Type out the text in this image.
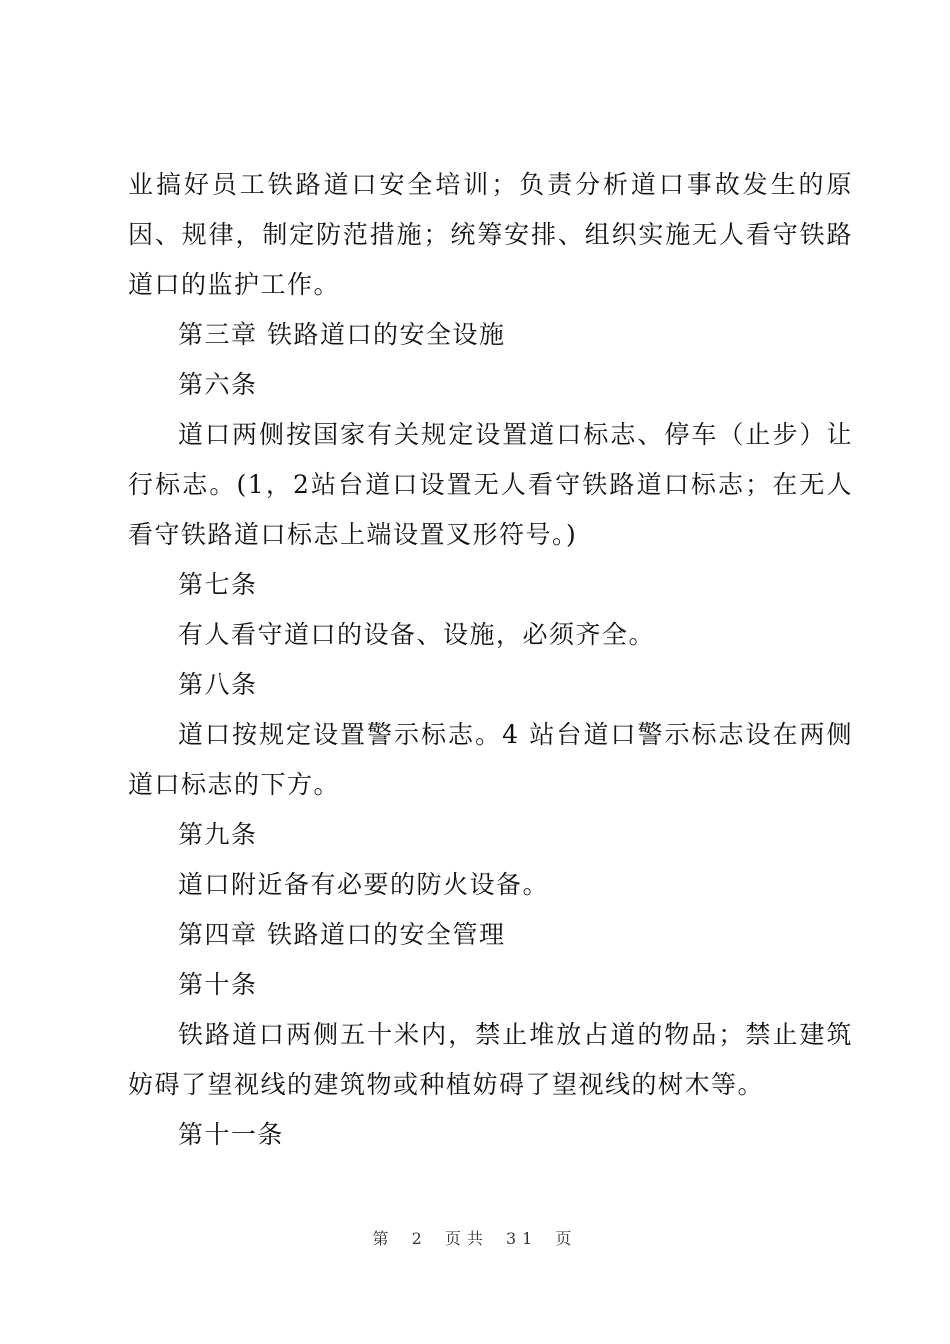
业搞好员工铁路道口安全培训；负责分析道口事故发生的原因、规律，制定防范措施；统筹安排、组织实施无人看守铁路道口的监护工作。

第三章 铁路道口的安全设施

第六条

道口两侧按国家有关规定设置道口标志、停车（止步）让行标志。(1，2站台道口设置无人看守铁路道口标志；在无人看守铁路道口标志上端设置叉形符号。)

第七条

有人看守道口的设备、设施，必须齐全。

第八条

道口按规定设置警示标志。4 站台道口警示标志设在两侧道口标志的下方。

第九条

道口附近备有必要的防火设备。

第四章 铁路道口的安全管理

第十条

铁路道口两侧五十米内，禁止堆放占道的物品；禁止建筑妨碍了望视线的建筑物或种植妨碍了望视线的树木等。

第十一条

第 2 页共 31 页
